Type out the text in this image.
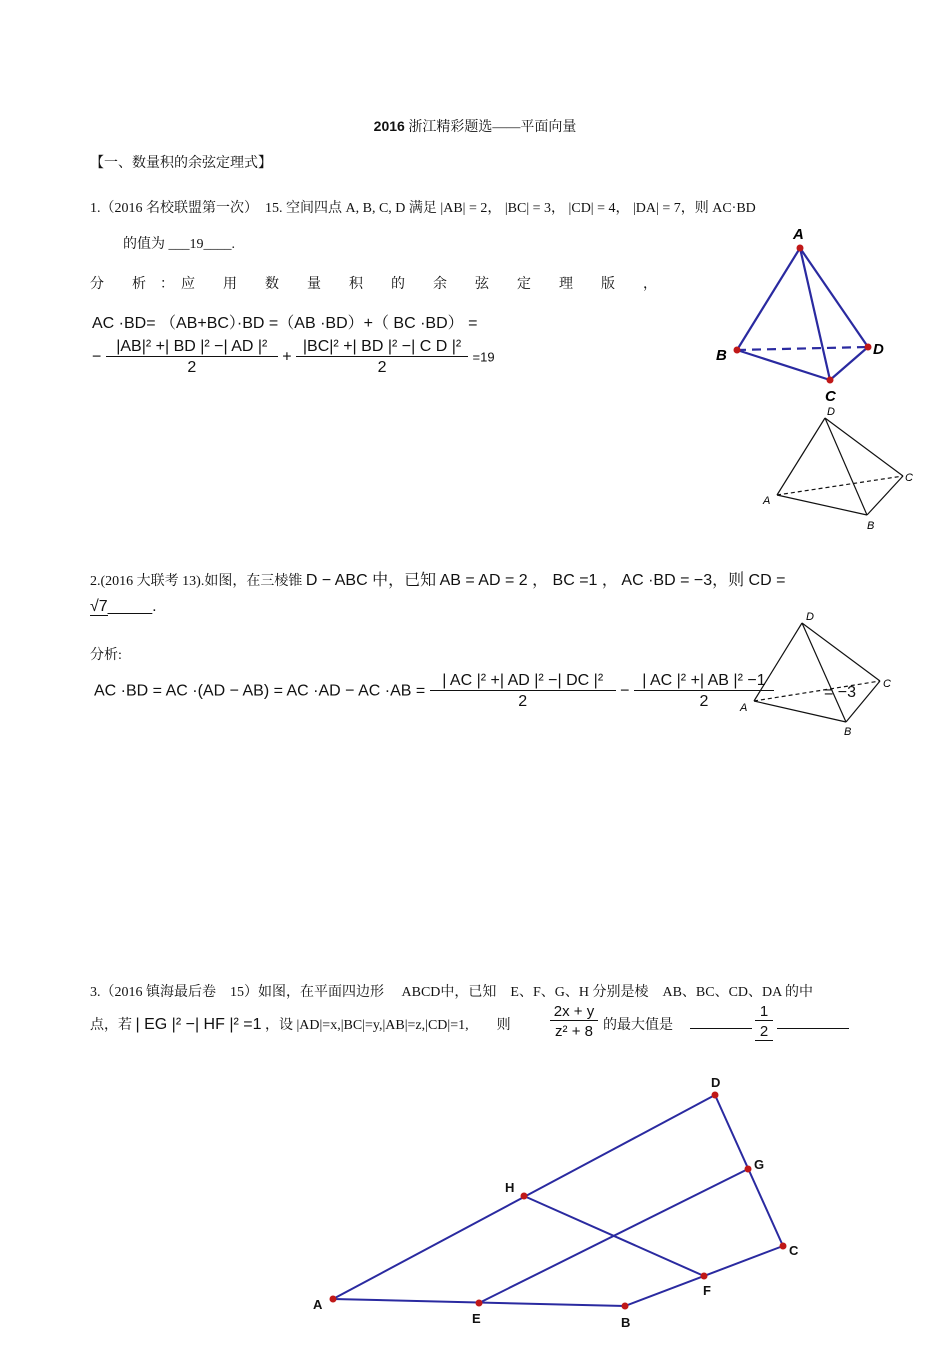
2016 浙江精彩题选——平面向量
【一、数量积的余弦定理式】
1.（2016 名校联盟第一次） 15. 空间四点 A, B, C, D 满足 |AB| = 2， |BC| = 3， |CD| = 4， |DA| = 7，则 AC·BD
的值为 ___19____.
分　　析　：　应　　用　　数　　量　　积　　的　　余　　弦　　定　　理　　版　　，
AC ·BD= （AB+BC）·BD =（AB ·BD）+（ BC ·BD） =
− $\frac{\text{|AB|² +| BD |² −| AD |²}}{2} + \frac{\text{|BC|² +| BD |² −| C D |²}}{2} =19$
A
B
C
D
D
A
B
C
2.(2016 大联考 13).如图，在三棱锥 D − ABC 中，已知 AB = AD = 2 ， BC =1 ， AC ·BD = −3，则 CD =
√7_____.
分析:
AC ·BD = AC ·(AD − AB) = AC ·AD − AC $\cdot AB = \frac{\text{| AC |² +| AD |² −| DC |²}}{2} - \frac{\text{| AC |² +| AB |² −1}}{2}$	= −3
D
A
B
C
3.（2016 镇海最后卷　15）如图，在平面四边形　 ABCD中，已知　E、F、G、H 分别是棱　AB、BC、CD、DA 的中
点，若 | EG |² −| HF |² =1 ，设 |AD|=x,|BC|=y,|AB|=z,|CD|=1,　　则	$\frac{2x + y}{\text{z² + 8}}$ 的最大值是	$\frac{1}{2}$
A
B
C
D
E
F
G
H
